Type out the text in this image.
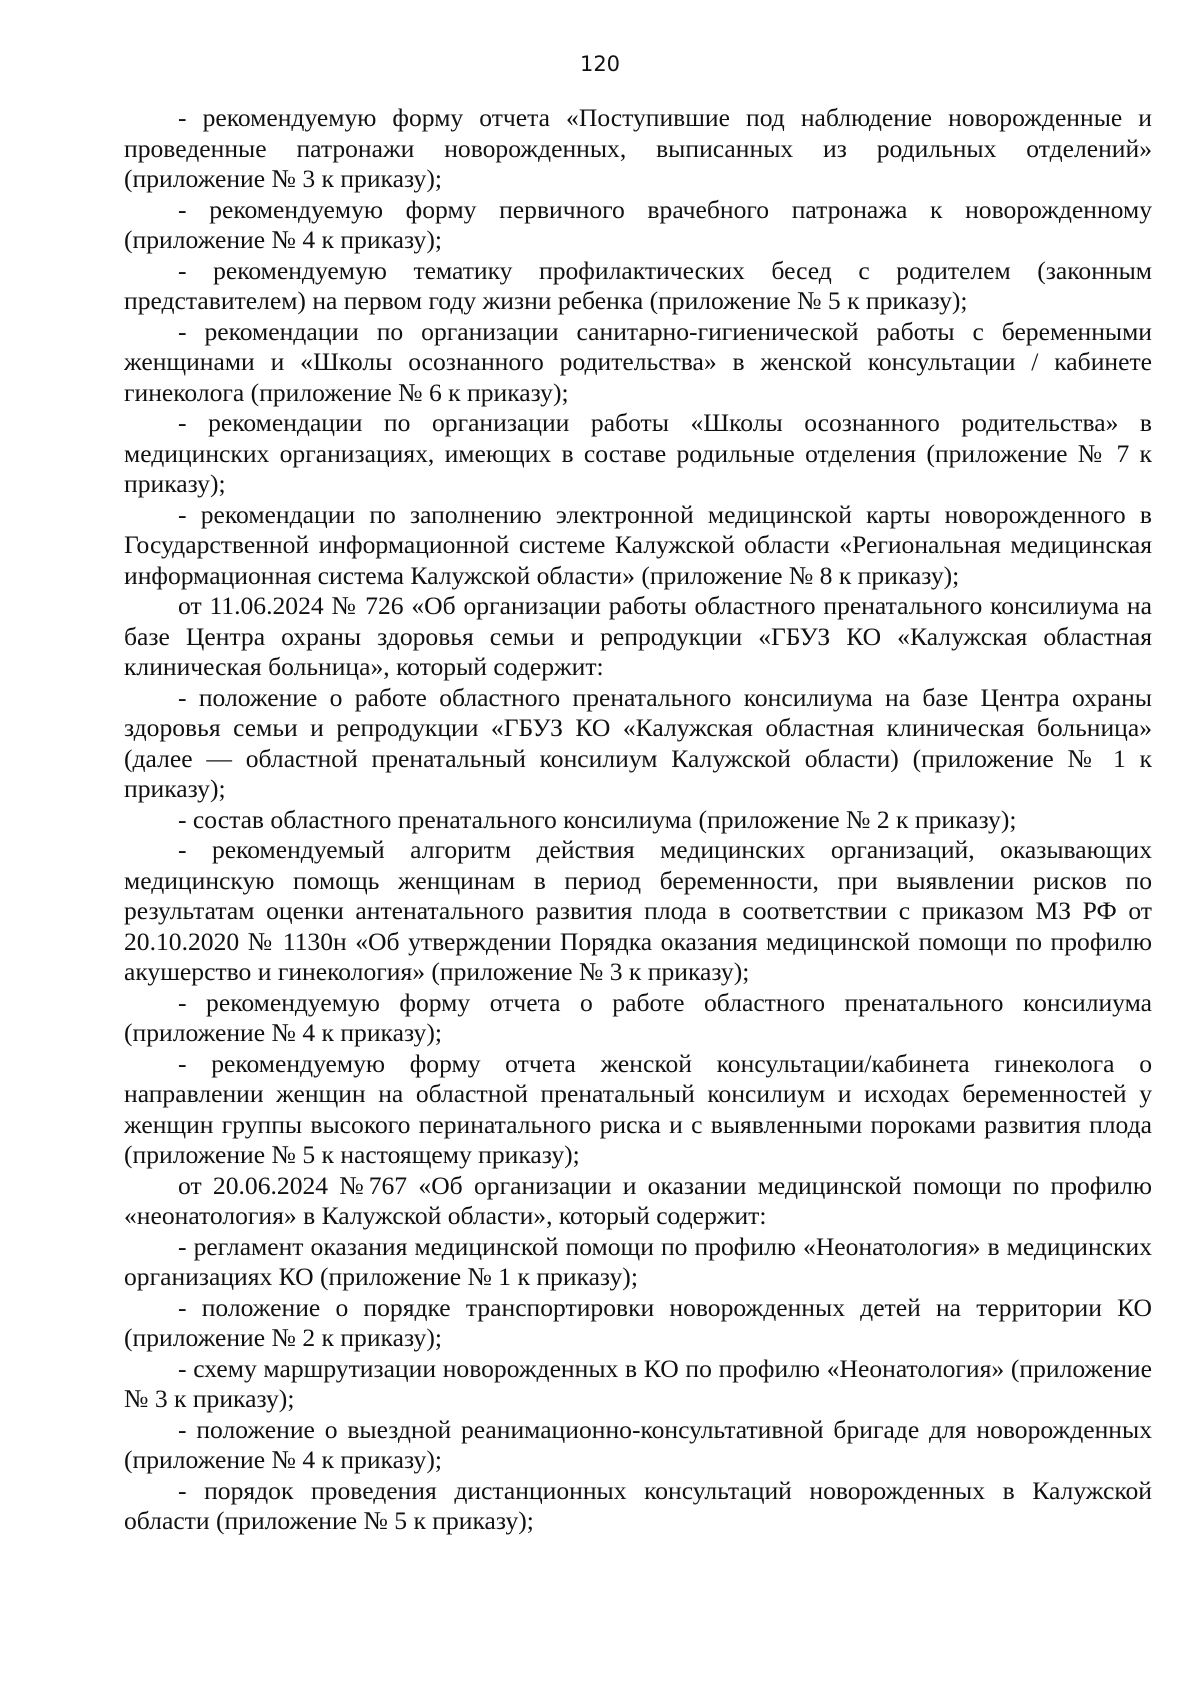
120

- рекомендуемую форму отчета «Поступившие под наблюдение новорожденные и проведенные патронажи новорожденных, выписанных из родильных отделений» (приложение № 3 к приказу);

- рекомендуемую форму первичного врачебного патронажа к новорожденному (приложение № 4 к приказу);

- рекомендуемую тематику профилактических бесед с родителем (законным представителем) на первом году жизни ребенка (приложение № 5 к приказу);

- рекомендации по организации санитарно-гигиенической работы с беременными женщинами и «Школы осознанного родительства» в женской консультации / кабинете гинеколога (приложение № 6 к приказу);

- рекомендации по организации работы «Школы осознанного родительства» в медицинских организациях, имеющих в составе родильные отделения (приложение № 7 к приказу);

- рекомендации по заполнению электронной медицинской карты новорожденного в Государственной информационной системе Калужской области «Региональная медицинская информационная система Калужской области» (приложение № 8 к приказу);

от 11.06.2024 № 726 «Об организации работы областного пренатального консилиума на базе Центра охраны здоровья семьи и репродукции «ГБУЗ КО «Калужская областная клиническая больница», который содержит:

- положение о работе областного пренатального консилиума на базе Центра охраны здоровья семьи и репродукции «ГБУЗ КО «Калужская областная клиническая больница» (далее — областной пренатальный консилиум Калужской области) (приложение № 1 к приказу);

- состав областного пренатального консилиума (приложение № 2 к приказу);

- рекомендуемый алгоритм действия медицинских организаций, оказывающих медицинскую помощь женщинам в период беременности, при выявлении рисков по результатам оценки антенатального развития плода в соответствии с приказом МЗ РФ от 20.10.2020 № 1130н «Об утверждении Порядка оказания медицинской помощи по профилю акушерство и гинекология» (приложение № 3 к приказу);

- рекомендуемую форму отчета о работе областного пренатального консилиума (приложение № 4 к приказу);

- рекомендуемую форму отчета женской консультации/кабинета гинеколога о направлении женщин на областной пренатальный консилиум и исходах беременностей у женщин группы высокого перинатального риска и с выявленными пороками развития плода (приложение № 5 к настоящему приказу);

от 20.06.2024 №767 «Об организации и оказании медицинской помощи по профилю «неонатология» в Калужской области», который содержит:

- регламент оказания медицинской помощи по профилю «Неонатология» в медицинских организациях КО (приложение № 1 к приказу);

- положение о порядке транспортировки новорожденных детей на территории КО (приложение № 2 к приказу);

- схему маршрутизации новорожденных в КО по профилю «Неонатология» (приложение № 3 к приказу);

- положение о выездной реанимационно-консультативной бригаде для новорожденных (приложение № 4 к приказу);

- порядок проведения дистанционных консультаций новорожденных в Калужской области (приложение № 5 к приказу);
